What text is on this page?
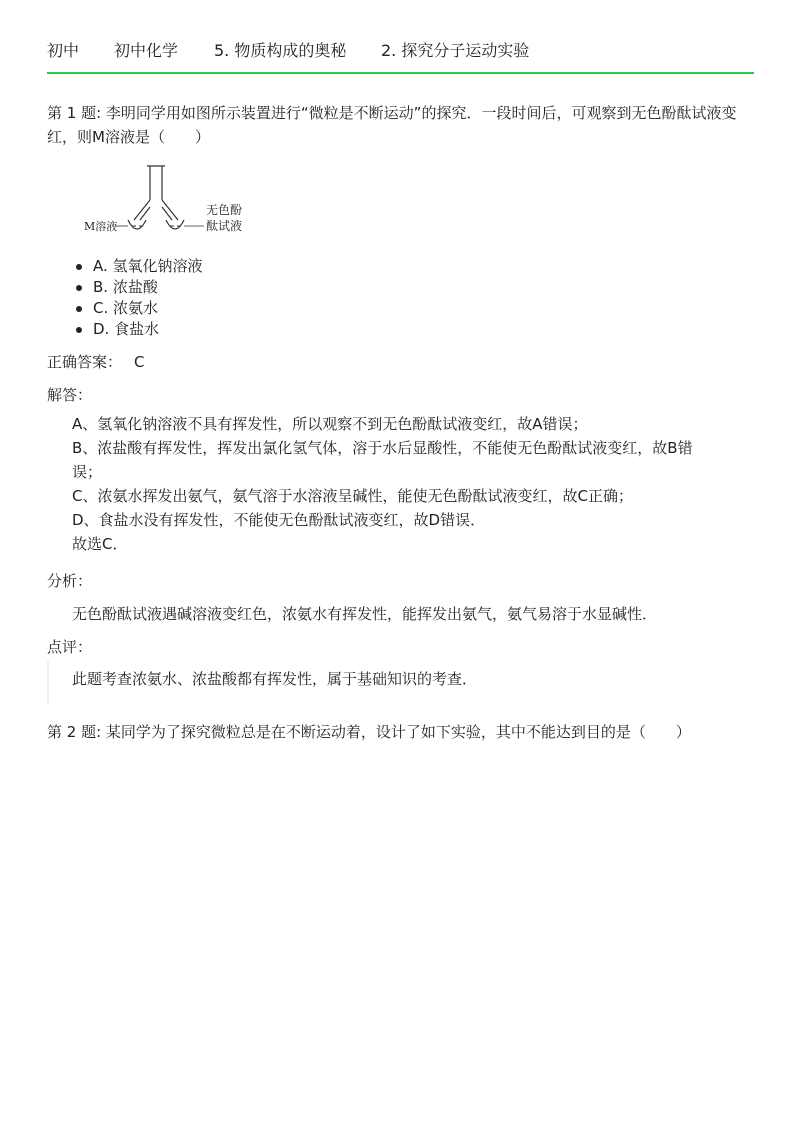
初中 初中化学 5. 物质构成的奥秘 2. 探究分子运动实验
第 1 题: 李明同学用如图所示装置进行“微粒是不断运动”的探究．一段时间后，可观察到无色酚酞试液变红，则M溶液是（　　）
M溶液
无色酚
酞试液
A. 氢氧化钠溶液
B. 浓盐酸
C. 浓氨水
D. 食盐水
正确答案： C
解答：

A、氢氧化钠溶液不具有挥发性，所以观察不到无色酚酞试液变红，故A错误；

B、浓盐酸有挥发性，挥发出氯化氢气体，溶于水后显酸性，不能使无色酚酞试液变红，故B错误；

C、浓氨水挥发出氨气，氨气溶于水溶液呈碱性，能使无色酚酞试液变红，故C正确；

D、食盐水没有挥发性，不能使无色酚酞试液变红，故D错误．

故选C．

分析：
无色酚酞试液遇碱溶液变红色，浓氨水有挥发性，能挥发出氨气，氨气易溶于水显碱性．
点评：
此题考查浓氨水、浓盐酸都有挥发性，属于基础知识的考查．
第 2 题: 某同学为了探究微粒总是在不断运动着，设计了如下实验，其中不能达到目的是（　　）
